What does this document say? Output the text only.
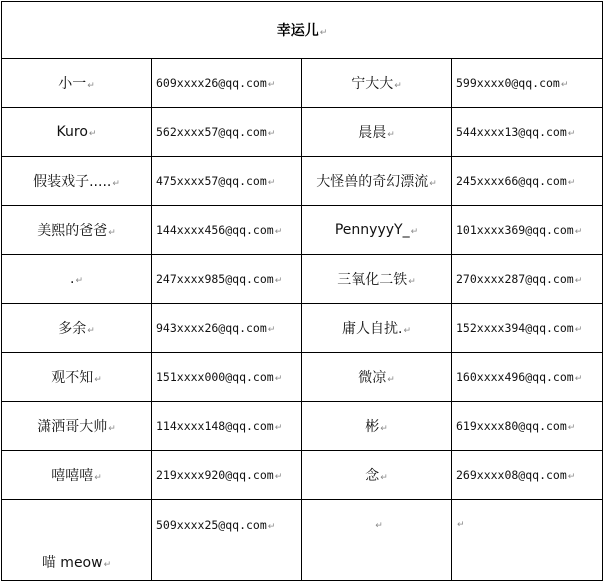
幸运儿↵			
小一↵	609xxxx26@qq.com↵	宁大大↵	599xxxx0@qq.com↵
Kuro↵	562xxxx57@qq.com↵	晨晨↵	544xxxx13@qq.com↵
假装戏子.....↵	475xxxx57@qq.com↵	大怪兽的奇幻漂流↵	245xxxx66@qq.com↵
美熙的爸爸↵	144xxxx456@qq.com↵	PennyyyY_↵	101xxxx369@qq.com↵
.↵	247xxxx985@qq.com↵	三氧化二铁↵	270xxxx287@qq.com↵
多余↵	943xxxx26@qq.com↵	庸人自扰.↵	152xxxx394@qq.com↵
观不知↵	151xxxx000@qq.com↵	微凉↵	160xxxx496@qq.com↵
潇洒哥大帅↵	114xxxx148@qq.com↵	彬↵	619xxxx80@qq.com↵
嘻嘻嘻↵	219xxxx920@qq.com↵	念↵	269xxxx08@qq.com↵
喵 meow↵	509xxxx25@qq.com↵	↵	↵
